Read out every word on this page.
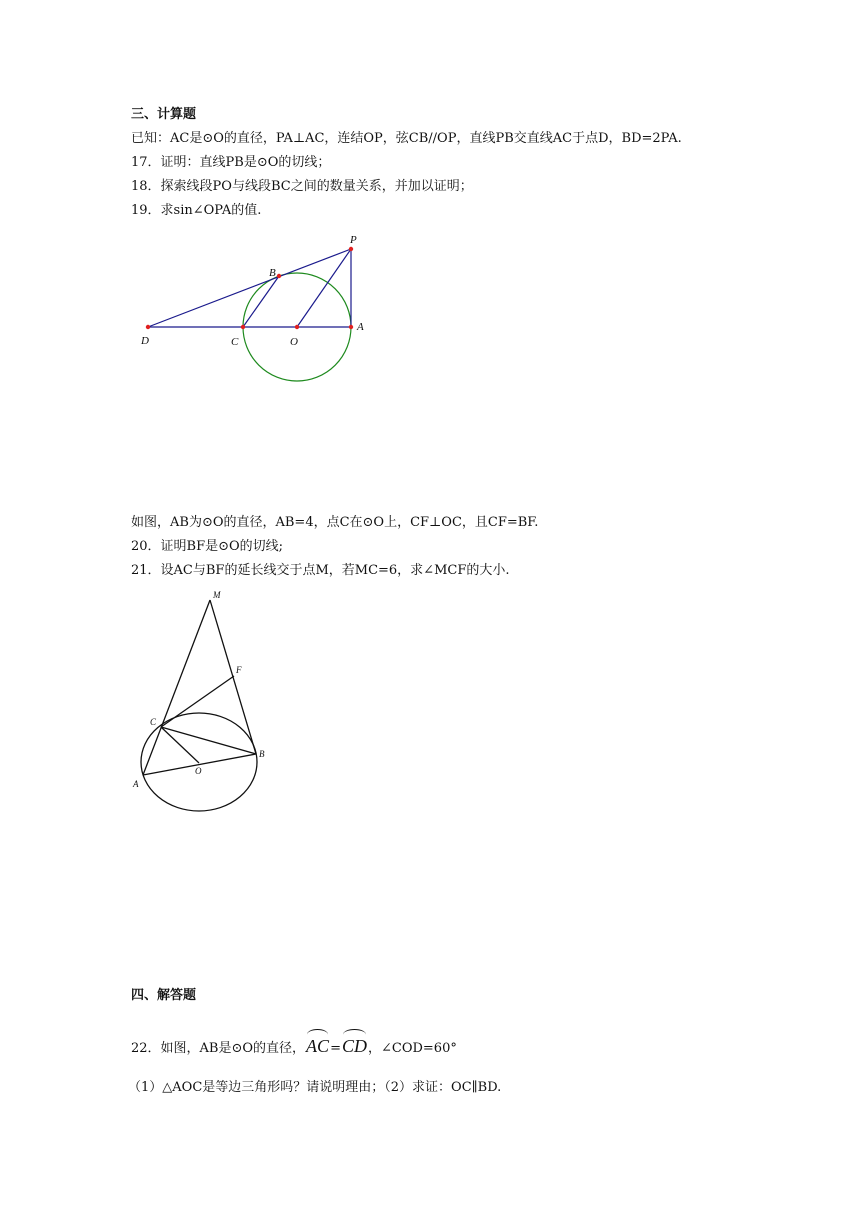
三、计算题
已知：AC是⊙O的直径，PA⊥AC，连结OP，弦CB//OP，直线PB交直线AC于点D，BD=2PA.
17．证明：直线PB是⊙O的切线；
18．探索线段PO与线段BC之间的数量关系，并加以证明；
19．求sin∠OPA的值.
P
B
D	C	O
A
如图，AB为⊙O的直径，AB=4，点C在⊙O上，CF⊥OC，且CF=BF.
20．证明BF是⊙O的切线;
21．设AC与BF的延长线交于点M，若MC=6，求∠MCF的大小.
M
F
C
B
O
A
四、解答题
22．如图，AB是⊙O的直径，AC=CD，∠COD=60°
（1）△AOC是等边三角形吗？请说明理由；（2）求证：OC∥BD.
